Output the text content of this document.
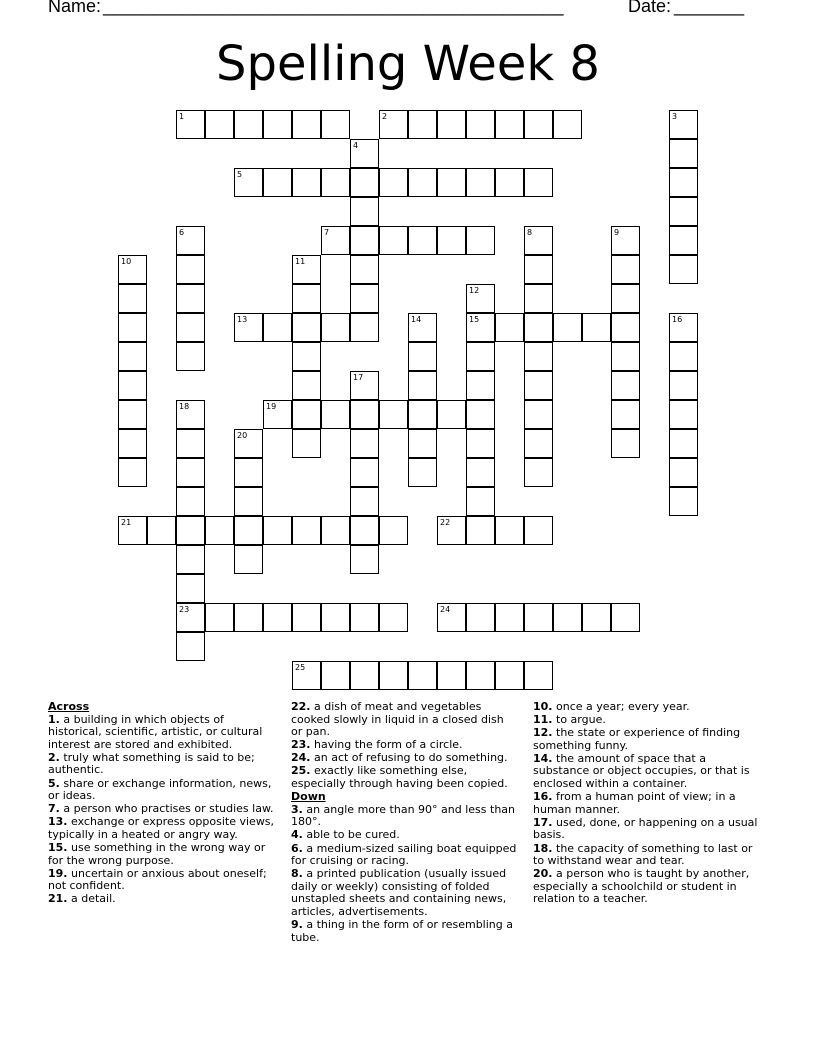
Name: ______________________________________________	Date: _______
Spelling Week 8
1	2	3
4
5
6	7	8	9
10	11
12
13	14	15	16
17
18	19
20
21	22
23	24
25
Across
1. a building in which objects of historical, scientific, artistic, or cultural interest are stored and exhibited.
2. truly what something is said to be; authentic.
5. share or exchange information, news, or ideas.
7. a person who practises or studies law.
13. exchange or express opposite views, typically in a heated or angry way.
15. use something in the wrong way or for the wrong purpose.
19. uncertain or anxious about oneself; not confident.
21. a detail.
22. a dish of meat and vegetables cooked slowly in liquid in a closed dish or pan.
23. having the form of a circle.
24. an act of refusing to do something.
25. exactly like something else, especially through having been copied.
Down
3. an angle more than 90° and less than 180°.
4. able to be cured.
6. a medium-sized sailing boat equipped for cruising or racing.
8. a printed publication (usually issued daily or weekly) consisting of folded unstapled sheets and containing news, articles, advertisements.
9. a thing in the form of or resembling a tube.
10. once a year; every year.
11. to argue.
12. the state or experience of finding something funny.
14. the amount of space that a substance or object occupies, or that is enclosed within a container.
16. from a human point of view; in a human manner.
17. used, done, or happening on a usual basis.
18. the capacity of something to last or to withstand wear and tear.
20. a person who is taught by another, especially a schoolchild or student in relation to a teacher.
